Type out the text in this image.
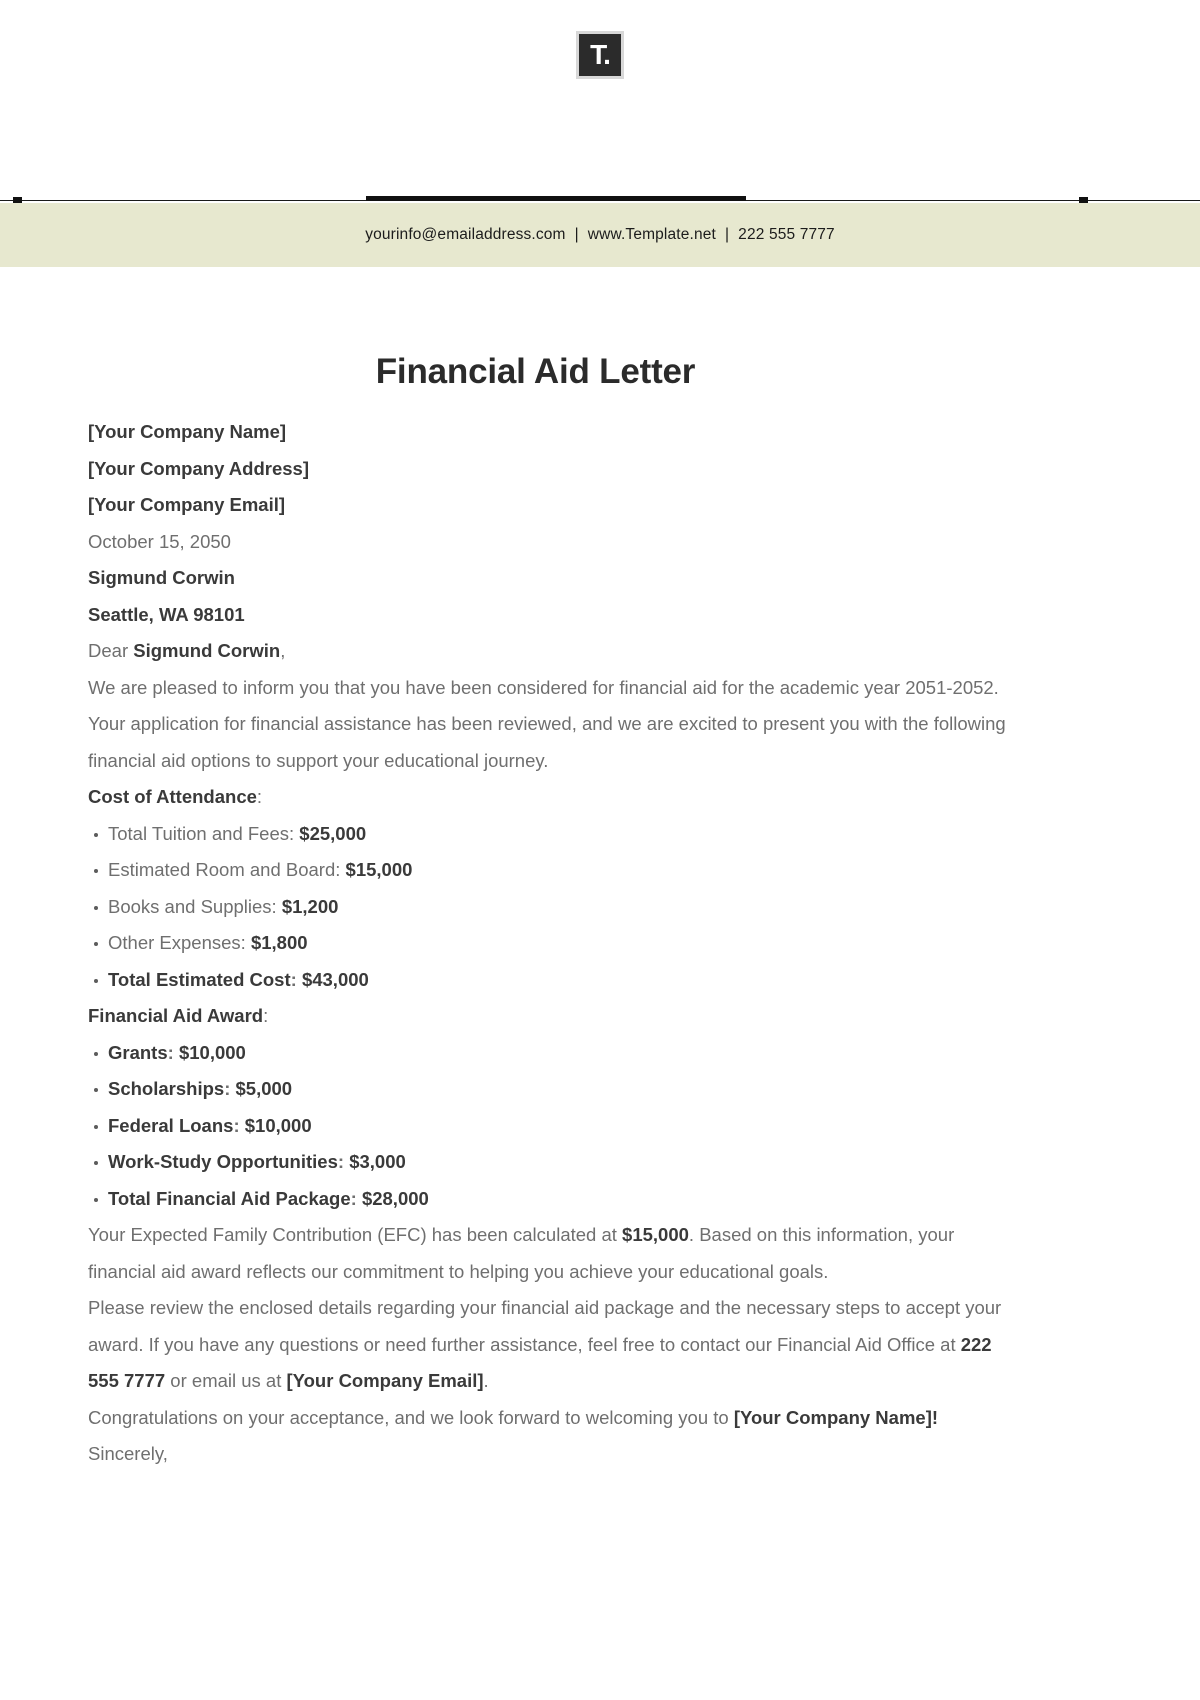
T.
yourinfo@emailaddress.com | www.Template.net | 222 555 7777
Financial Aid Letter

[Your Company Name]

[Your Company Address]

[Your Company Email]

October 15, 2050

Sigmund Corwin

Seattle, WA 98101

Dear Sigmund Corwin,

We are pleased to inform you that you have been considered for financial aid for the academic year 2051-2052. Your application for financial assistance has been reviewed, and we are excited to present you with the following financial aid options to support your educational journey.

Cost of Attendance:

Total Tuition and Fees: $25,000
Estimated Room and Board: $15,000
Books and Supplies: $1,200
Other Expenses: $1,800
Total Estimated Cost: $43,000

Financial Aid Award:

Grants: $10,000
Scholarships: $5,000
Federal Loans: $10,000
Work-Study Opportunities: $3,000
Total Financial Aid Package: $28,000

Your Expected Family Contribution (EFC) has been calculated at $15,000. Based on this information, your financial aid award reflects our commitment to helping you achieve your educational goals.

Please review the enclosed details regarding your financial aid package and the necessary steps to accept your award. If you have any questions or need further assistance, feel free to contact our Financial Aid Office at 222 555 7777 or email us at [Your Company Email].

Congratulations on your acceptance, and we look forward to welcoming you to [Your Company Name]!

Sincerely,
